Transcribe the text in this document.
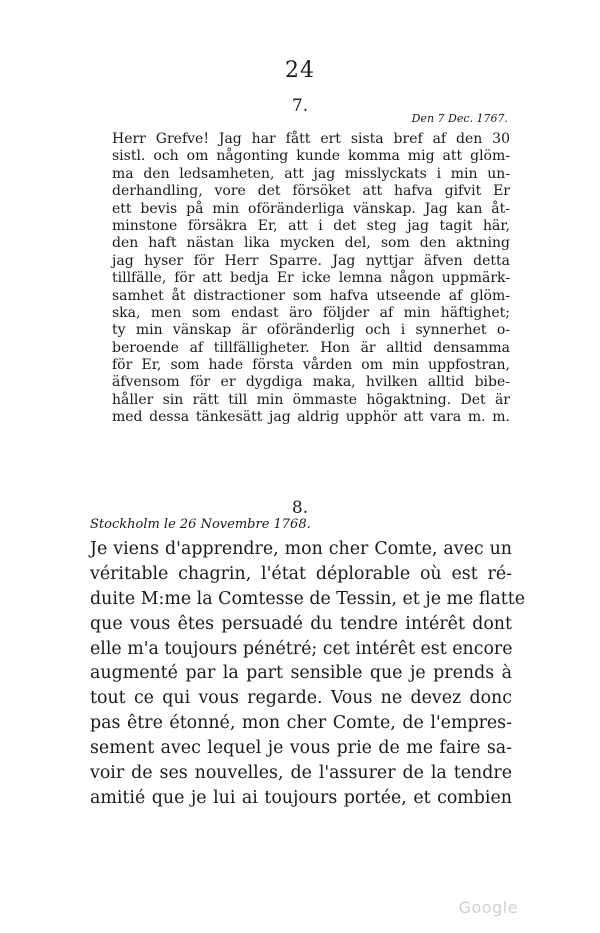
24
7.
Den 7 Dec. 1767.
Herr Grefve! Jag har fått ert sista bref af den 30
sistl. och om någonting kunde komma mig att glöm-
ma den ledsamheten, att jag misslyckats i min un-
derhandling, vore det försöket att hafva gifvit Er
ett bevis på min oföränderliga vänskap. Jag kan åt-
minstone försäkra Er, att i det steg jag tagit här,
den haft nästan lika mycken del, som den aktning
jag hyser för Herr Sparre. Jag nyttjar äfven detta
tillfälle, för att bedja Er icke lemna någon uppmärk-
samhet åt distractioner som hafva utseende af glöm-
ska, men som endast äro följder af min häftighet;
ty min vänskap är oföränderlig och i synnerhet o-
beroende af tillfälligheter. Hon är alltid densamma
för Er, som hade första vården om min uppfostran,
äfvensom för er dygdiga maka, hvilken alltid bibe-
håller sin rätt till min ömmaste högaktning. Det är
med dessa tänkesätt jag aldrig upphör att vara m. m.
8.
Stockholm le 26 Novembre 1768.
Je viens d'apprendre, mon cher Comte, avec un
véritable chagrin, l'état déplorable où est ré-
duite M:me la Comtesse de Tessin, et je me flatte
que vous êtes persuadé du tendre intérêt dont
elle m'a toujours pénétré; cet intérêt est encore
augmenté par la part sensible que je prends à
tout ce qui vous regarde. Vous ne devez donc
pas être étonné, mon cher Comte, de l'empres-
sement avec lequel je vous prie de me faire sa-
voir de ses nouvelles, de l'assurer de la tendre
amitié que je lui ai toujours portée, et combien
Google
